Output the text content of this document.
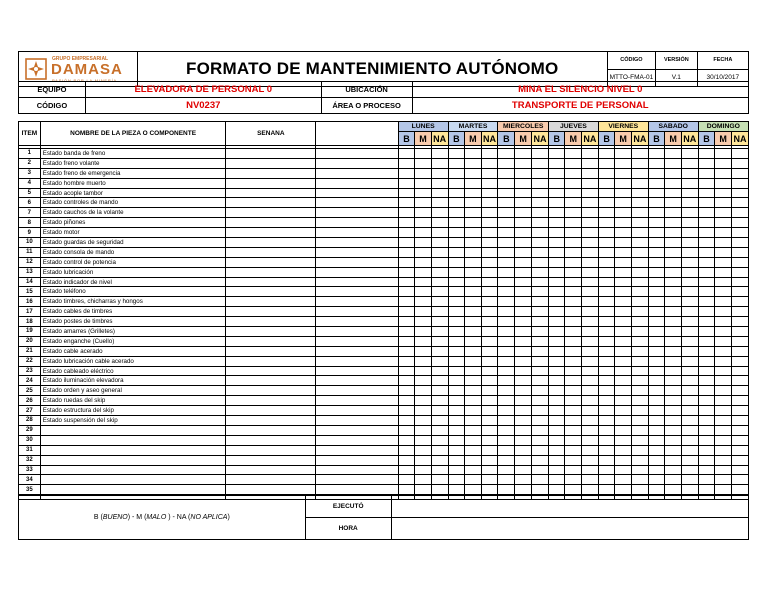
GRUPO EMPRESARIAL
DAMASA
PASIÓN POR LA MINERÍA	FORMATO DE MANTENIMIENTO AUTÓNOMO	CÓDIGO	VERSIÓN	FECHA
		MTTO-FMA-01	V.1	30/10/2017
EQUIPO	ELEVADORA DE PERSONAL 0	UBICACIÓN	MINA EL SILENCIO NIVEL 0
CÓDIGO	NV0237	ÁREA O PROCESO	TRANSPORTE DE PERSONAL
ITEM	NOMBRE DE LA PIEZA O COMPONENTE	SENANA		LUNES			MARTES			MIERCOLES			JUEVES			VIERNES			SABADO			DOMINGO		
				B	M	NA	B	M	NA	B	M	NA	B	M	NA	B	M	NA	B	M	NA	B	M	NA

1	Estado banda de freno																							
2	Estado freno volante																							
3	Estado freno de emergencia																							
4	Estado hombre muerto																							
5	Estado acople tambor																							
6	Estado controles de mando																							
7	Estado cauchos de la volante																							
8	Estado piñones																							
9	Estado motor																							
10	Estado guardas de seguridad																							
11	Estado consola de mando																							
12	Estado control de potencia																							
13	Estado lubricación																							
14	Estado indicador de nivel																							
15	Estado teléfono																							
16	Estado timbres, chicharras y hongos																							
17	Estado cables de timbres																							
18	Estado postes de timbres																							
19	Estado amarres (Grilletes)																							
20	Estado enganche (Cuello)																							
21	Estado cable acerado																							
22	Estado lubricación cable acerado																							
23	Estado cableado eléctrico																							
24	Estado iluminación elevadora																							
25	Estado orden y aseo general																							
26	Estado ruedas del skip																							
27	Estado estructura del skip																							
28	Estado suspensión del skip																							
29																								
30																								
31																								
32																								
33																								
34																								
35																								

B (BUENO) - M (MALO ) - NA (NO APLICA)	EJECUTÓ	
	HORA	
